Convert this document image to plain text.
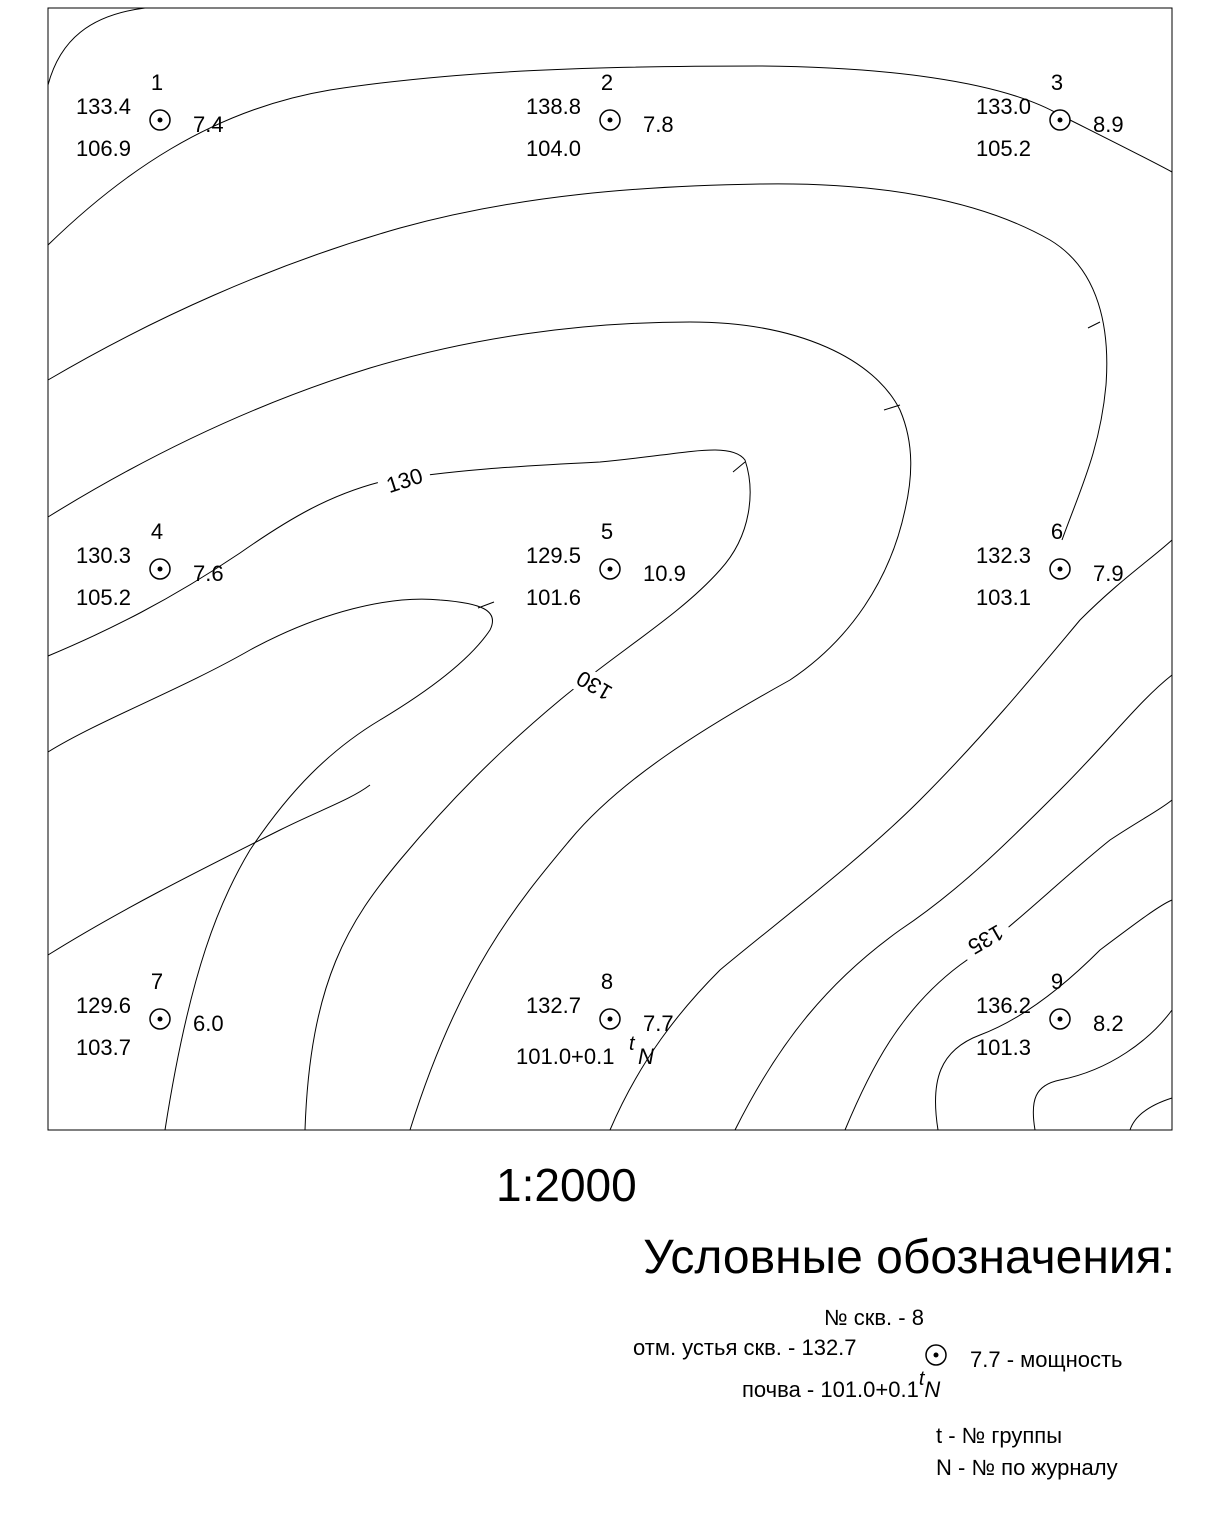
130
130
135
1
133.4
106.9
7.4
2
138.8
104.0
7.8
3
133.0
105.2
8.9
4
130.3
105.2
7.6
5
129.5
101.6
10.9
6
132.3
103.1
7.9
7
129.6
103.7
6.0
8
132.7
101.0+0.1 t N
7.7
9
136.2
101.3
8.2
1:2000
Условные обозначения:
№ скв. - 8
отм. устья скв. - 132.7	7.7 - мощность
почва - 101.0+0.1tN
t - № группы
N - № по журналу
